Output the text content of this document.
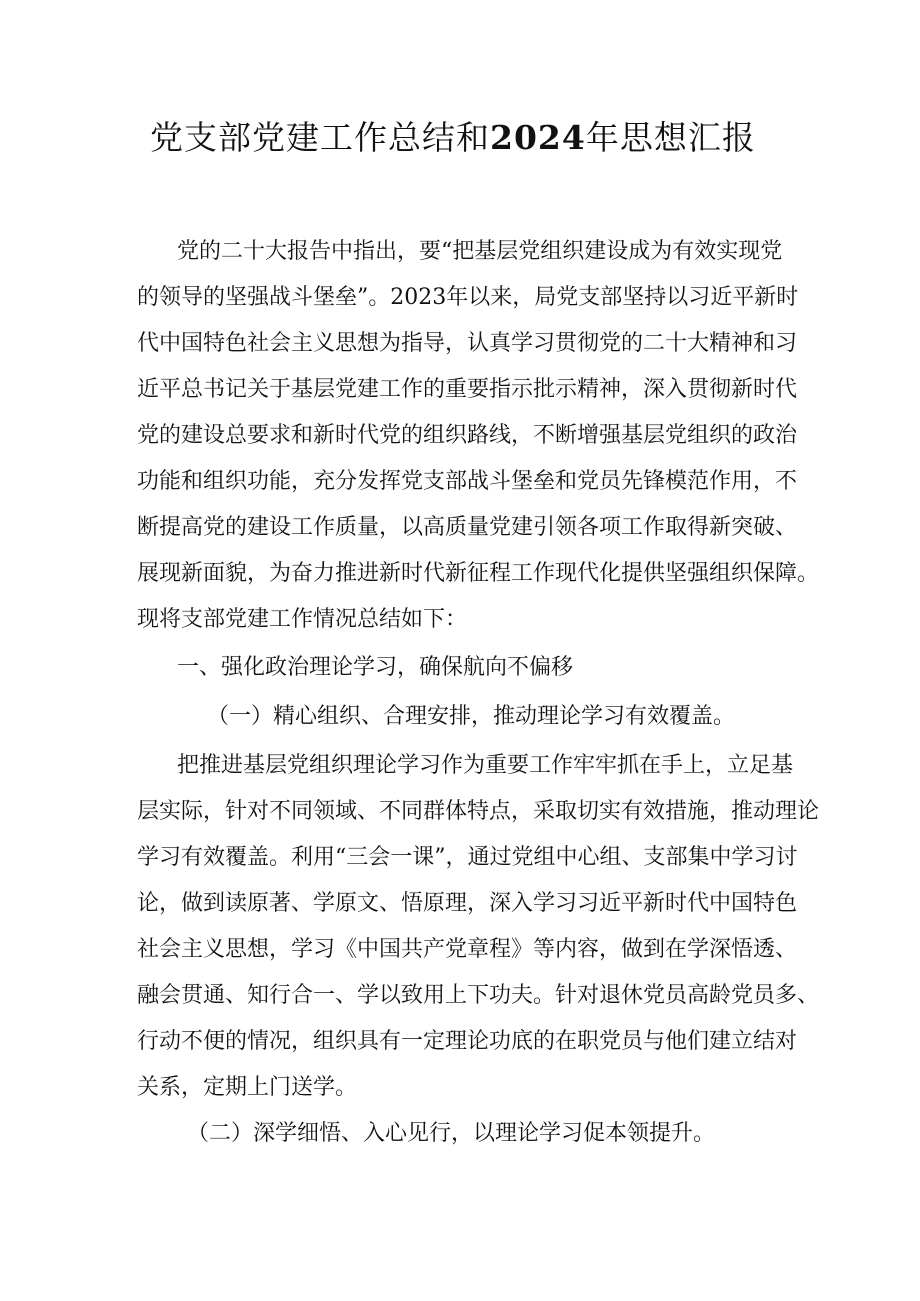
党支部党建工作总结和2024年思想汇报
党的二十大报告中指出，要“把基层党组织建设成为有效实现党
的领导的坚强战斗堡垒”。2023年以来，局党支部坚持以习近平新时
代中国特色社会主义思想为指导，认真学习贯彻党的二十大精神和习
近平总书记关于基层党建工作的重要指示批示精神，深入贯彻新时代
党的建设总要求和新时代党的组织路线，不断增强基层党组织的政治
功能和组织功能，充分发挥党支部战斗堡垒和党员先锋模范作用，不
断提高党的建设工作质量，以高质量党建引领各项工作取得新突破、
展现新面貌，为奋力推进新时代新征程工作现代化提供坚强组织保障。
现将支部党建工作情况总结如下：
一、强化政治理论学习，确保航向不偏移
（一）精心组织、合理安排，推动理论学习有效覆盖。
把推进基层党组织理论学习作为重要工作牢牢抓在手上，立足基
层实际，针对不同领域、不同群体特点，采取切实有效措施，推动理论
学习有效覆盖。利用“三会一课”，通过党组中心组、支部集中学习讨
论，做到读原著、学原文、悟原理，深入学习习近平新时代中国特色
社会主义思想，学习《中国共产党章程》等内容，做到在学深悟透、
融会贯通、知行合一、学以致用上下功夫。针对退休党员高龄党员多、
行动不便的情况，组织具有一定理论功底的在职党员与他们建立结对
关系，定期上门送学。
（二）深学细悟、入心见行，以理论学习促本领提升。
